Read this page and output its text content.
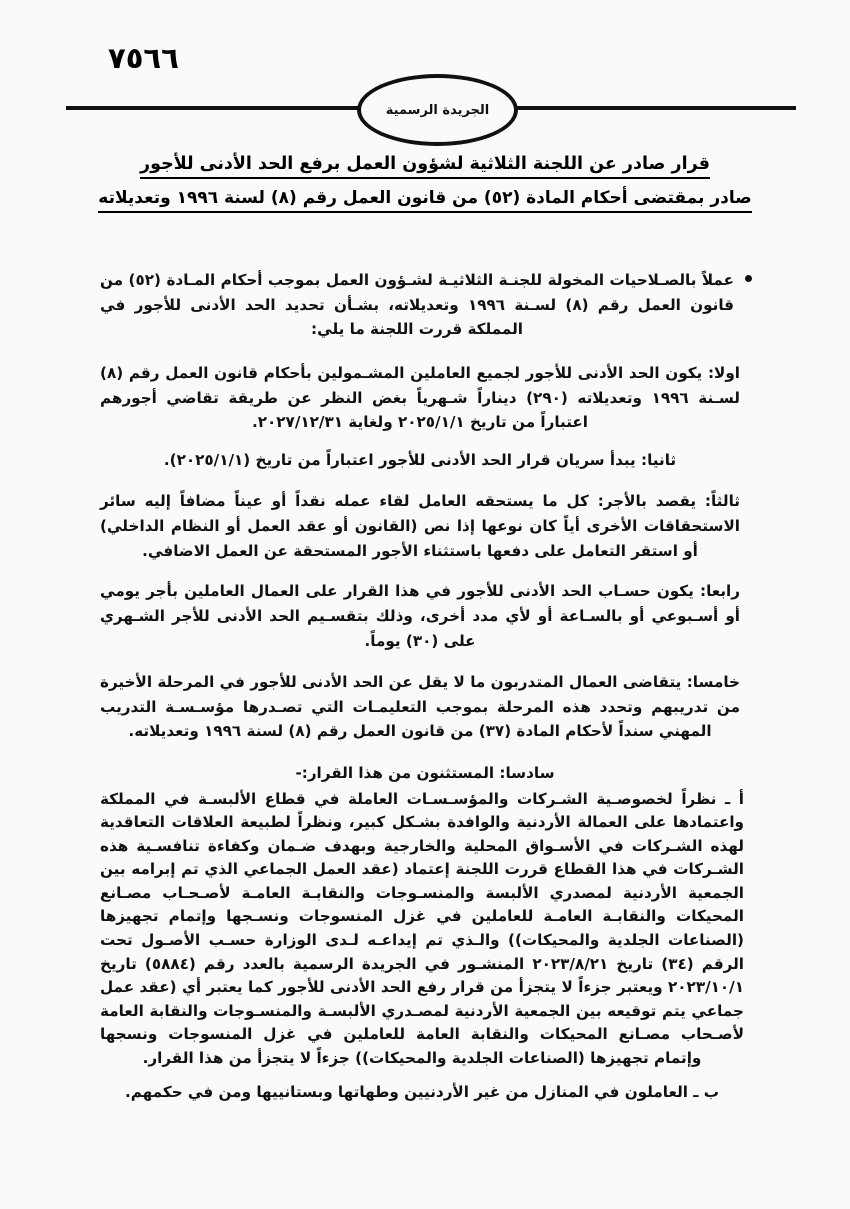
٧٥٦٦
الجريدة الرسمية
قرار صادر عن اللجنة الثلاثية لشؤون العمل برفع الحد الأدنى للأجور
صادر بمقتضى أحكام المادة (٥٢) من قانون العمل رقم (٨) لسنة ١٩٩٦ وتعديلاته

عملاً بالصـلاحيات المخولة للجنـة الثلاثيـة لشـؤون العمل بموجب أحكام المـادة (٥٢) من قانون العمل رقم (٨) لسـنة ١٩٩٦ وتعديلاته، بشـأن تحديد الحد الأدنى للأجور في المملكة قررت اللجنة ما يلي:

اولا: يكون الحد الأدنى للأجور لجميع العاملين المشـمولين بأحكام قانون العمل رقم (٨) لسـنة ١٩٩٦ وتعديلاته (٢٩٠) ديناراً شـهرياً بغض النظر عن طريقة تقاضي أجورهم اعتباراً من تاريخ ٢٠٢٥/١/١ ولغاية ٢٠٢٧/١٢/٣١.

ثانيا: يبدأ سريان قرار الحد الأدنى للأجور اعتباراً من تاريخ (٢٠٢٥/١/١).

ثالثاً: يقصد بالأجر: كل ما يستحقه العامل لقاء عمله نقداً أو عيناً مضافاً إليه سائر الاستحقاقات الأخرى أياً كان نوعها إذا نص (القانون أو عقد العمل أو النظام الداخلي) أو استقر التعامل على دفعها باستثناء الأجور المستحقة عن العمل الاضافي.

رابعا: يكون حسـاب الحد الأدنى للأجور في هذا القرار على العمال العاملين بأجر يومي أو أسـبوعي أو بالسـاعة أو لأي مدد أخرى، وذلك بتقسـيم الحد الأدنى للأجر الشـهري على (٣٠) يوماً.

خامسا: يتقاضى العمال المتدربون ما لا يقل عن الحد الأدنى للأجور في المرحلة الأخيرة من تدريبهم وتحدد هذه المرحلة بموجب التعليمـات التي تصـدرها مؤسـسـة التدريب المهني سنداً لأحكام المادة (٣٧) من قانون العمل رقم (٨) لسنة ١٩٩٦ وتعديلاته.

سادسا: المستثنون من هذا القرار:-

أ ـ نظراً لخصوصـية الشـركات والمؤسـسـات العاملة في قطاع الألبسـة في المملكة واعتمادها على العمالة الأردنية والوافدة بشـكل كبير، ونظراً لطبيعة العلاقات التعاقدية لهذه الشـركات في الأسـواق المحلية والخارجية وبهدف ضـمان وكفاءة تنافسـية هذه الشـركات في هذا القطاع قررت اللجنة إعتماد (عقد العمل الجماعي الذي تم إبرامه بين الجمعية الأردنية لمصدري الألبسة والمنسـوجات والنقابـة العامـة لأصـحـاب مصـانع المحيكات والنقابـة العامـة للعاملين في غزل المنسوجات ونسـجها وإتمام تجهيزها (الصناعات الجلدية والمحيكات)) والـذي تم إيداعـه لـدى الوزارة حسـب الأصـول تحت الرقم (٣٤) تاريخ ٢٠٢٣/٨/٢١ المنشـور في الجريدة الرسمية بالعدد رقم (٥٨٨٤) تاريخ ٢٠٢٣/١٠/١ ويعتبر جزءاً لا يتجزأ من قرار رفع الحد الأدنى للأجور كما يعتبر أي (عقد عمل جماعي يتم توقيعه بين الجمعية الأردنية لمصـدري الألبسـة والمنسـوجات والنقابة العامة لأصـحاب مصـانع المحيكات والنقابة العامة للعاملين في غزل المنسوجات ونسجها وإتمام تجهيزها (الصناعات الجلدية والمحيكات)) جزءاً لا يتجزأ من هذا القرار.

ب ـ العاملون في المنازل من غير الأردنيين وطهاتها وبستانييها ومن في حكمهم.
